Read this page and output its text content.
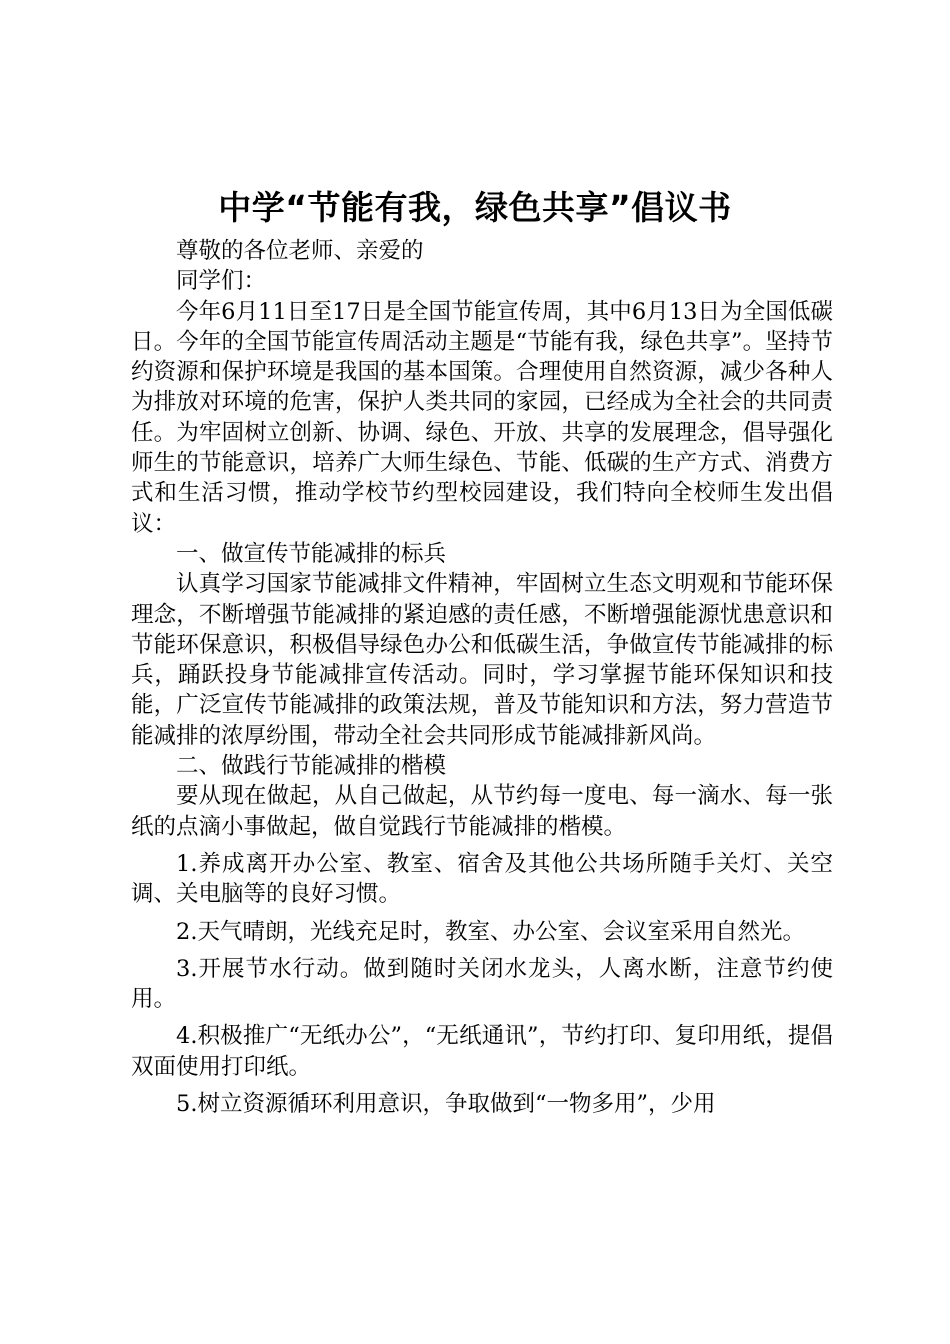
中学“节能有我，绿色共享”倡议书

尊敬的各位老师、亲爱的

同学们：

今年6月11日至17日是全国节能宣传周，其中6月13日为全国低碳日。今年的全国节能宣传周活动主题是“节能有我，绿色共享”。坚持节约资源和保护环境是我国的基本国策。合理使用自然资源，减少各种人为排放对环境的危害，保护人类共同的家园，已经成为全社会的共同责任。为牢固树立创新、协调、绿色、开放、共享的发展理念，倡导强化师生的节能意识，培养广大师生绿色、节能、低碳的生产方式、消费方式和生活习惯，推动学校节约型校园建设，我们特向全校师生发出倡议：

一、做宣传节能减排的标兵

认真学习国家节能减排文件精神，牢固树立生态文明观和节能环保理念，不断增强节能减排的紧迫感的责任感，不断增强能源忧患意识和节能环保意识，积极倡导绿色办公和低碳生活，争做宣传节能减排的标兵，踊跃投身节能减排宣传活动。同时，学习掌握节能环保知识和技能，广泛宣传节能减排的政策法规，普及节能知识和方法，努力营造节能减排的浓厚纷围，带动全社会共同形成节能减排新风尚。

二、做践行节能减排的楷模

要从现在做起，从自己做起，从节约每一度电、每一滴水、每一张纸的点滴小事做起，做自觉践行节能减排的楷模。

1.养成离开办公室、教室、宿舍及其他公共场所随手关灯、关空调、关电脑等的良好习惯。

2.天气晴朗，光线充足时，教室、办公室、会议室采用自然光。

3.开展节水行动。做到随时关闭水龙头，人离水断，注意节约使用。

4.积极推广“无纸办公”，“无纸通讯”，节约打印、复印用纸，提倡双面使用打印纸。

5.树立资源循环利用意识，争取做到“一物多用”，少用
